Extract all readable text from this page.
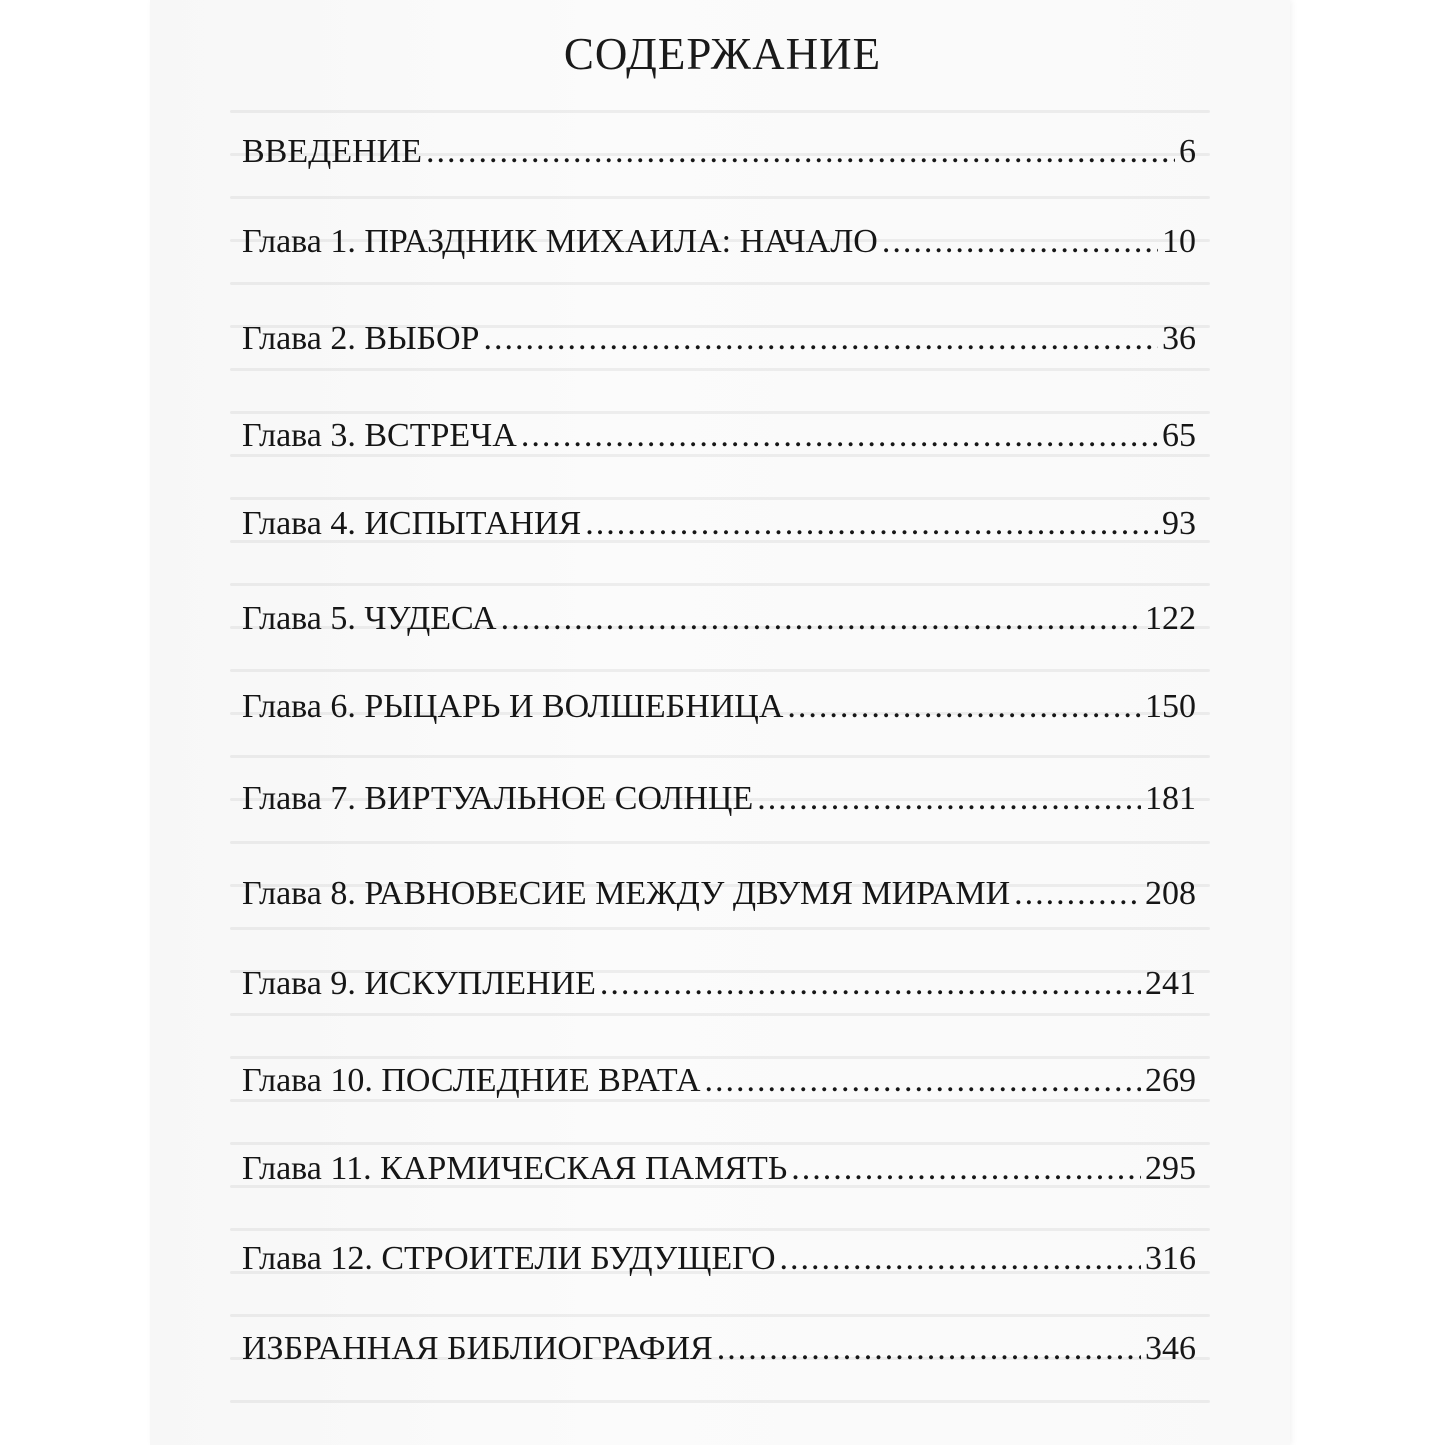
СОДЕРЖАНИЕ
ВВЕДЕНИЕ .....	6
Глава 1. ПРАЗДНИК МИХАИЛА: НАЧАЛО .....	10
Глава 2. ВЫБОР .....	36
Глава 3. ВСТРЕЧА .....	65
Глава 4. ИСПЫТАНИЯ .....	93
Глава 5. ЧУДЕСА .....	122
Глава 6. РЫЦАРЬ И ВОЛШЕБНИЦА .....	150
Глава 7. ВИРТУАЛЬНОЕ СОЛНЦЕ .....	181
Глава 8. РАВНОВЕСИЕ МЕЖДУ ДВУМЯ МИРАМИ .....	208
Глава 9. ИСКУПЛЕНИЕ .....	241
Глава 10. ПОСЛЕДНИЕ ВРАТА .....	269
Глава 11. КАРМИЧЕСКАЯ ПАМЯТЬ .....	295
Глава 12. СТРОИТЕЛИ БУДУЩЕГО .....	316
ИЗБРАННАЯ БИБЛИОГРАФИЯ .....	346
